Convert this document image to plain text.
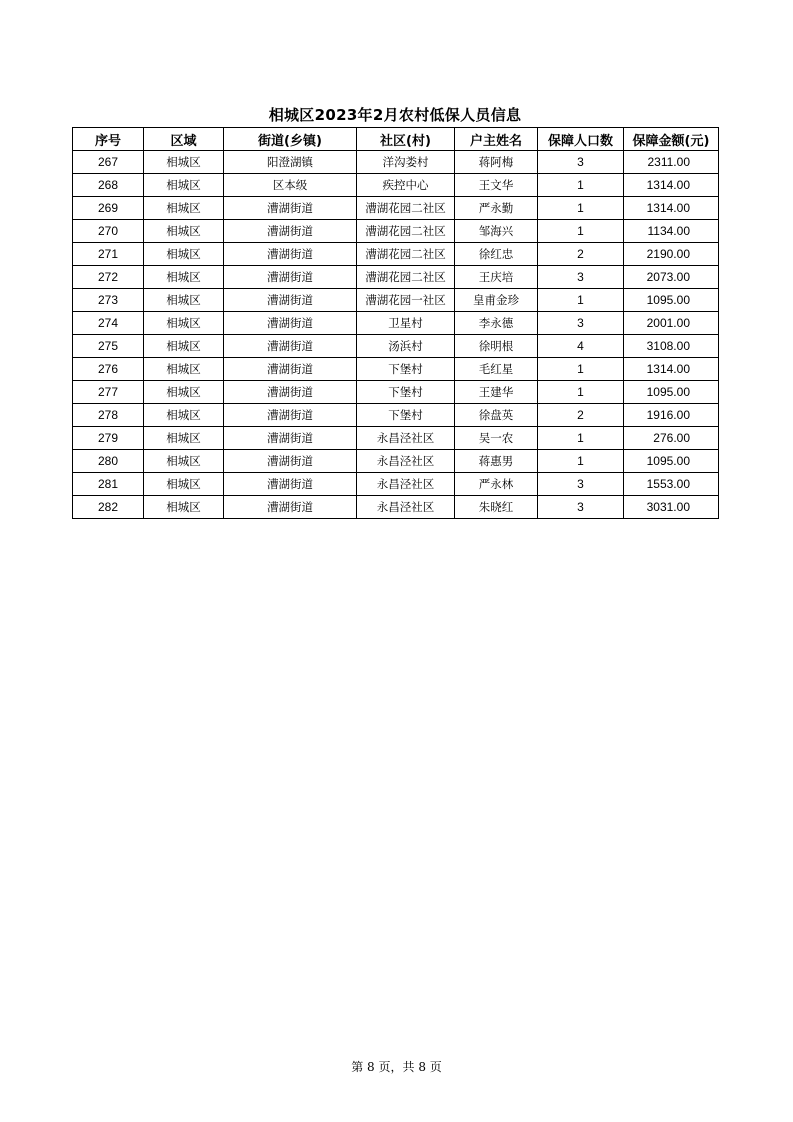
相城区2023年2月农村低保人员信息
序号	区域	街道(乡镇)	社区(村)	户主姓名	保障人口数	保障金额(元)
267	相城区	阳澄湖镇	洋沟娄村	蒋阿梅	3	2311.00
268	相城区	区本级	疾控中心	王文华	1	1314.00
269	相城区	漕湖街道	漕湖花园二社区	严永勤	1	1314.00
270	相城区	漕湖街道	漕湖花园二社区	邹海兴	1	1134.00
271	相城区	漕湖街道	漕湖花园二社区	徐红忠	2	2190.00
272	相城区	漕湖街道	漕湖花园二社区	王庆培	3	2073.00
273	相城区	漕湖街道	漕湖花园一社区	皇甫金珍	1	1095.00
274	相城区	漕湖街道	卫星村	李永德	3	2001.00
275	相城区	漕湖街道	汤浜村	徐明根	4	3108.00
276	相城区	漕湖街道	下堡村	毛红星	1	1314.00
277	相城区	漕湖街道	下堡村	王建华	1	1095.00
278	相城区	漕湖街道	下堡村	徐盘英	2	1916.00
279	相城区	漕湖街道	永昌泾社区	吴一农	1	276.00
280	相城区	漕湖街道	永昌泾社区	蒋惠男	1	1095.00
281	相城区	漕湖街道	永昌泾社区	严永林	3	1553.00
282	相城区	漕湖街道	永昌泾社区	朱晓红	3	3031.00
第 8 页，共 8 页
